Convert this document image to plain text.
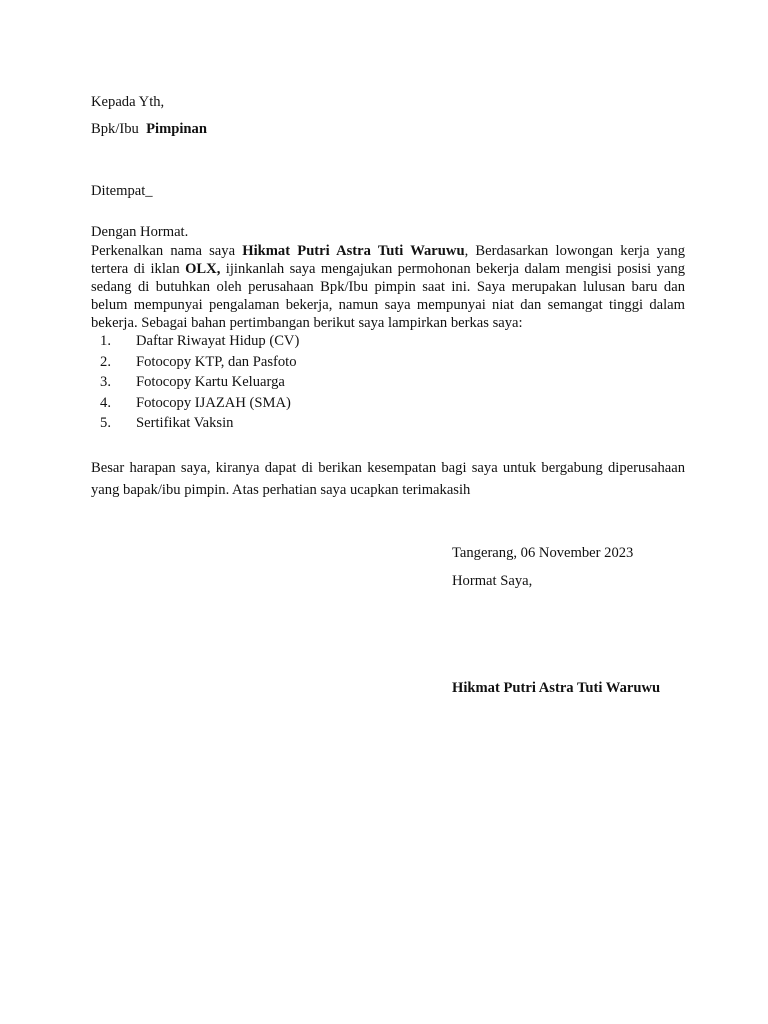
Kepada Yth,
Bpk/Ibu Pimpinan
Ditempat_
Dengan Hormat.
Perkenalkan nama saya Hikmat Putri Astra Tuti Waruwu, Berdasarkan lowongan kerja yang tertera di iklan OLX, ijinkanlah saya mengajukan permohonan bekerja dalam mengisi posisi yang sedang di butuhkan oleh perusahaan Bpk/Ibu pimpin saat ini. Saya merupakan lulusan baru dan belum mempunyai pengalaman bekerja, namun saya mempunyai niat dan semangat tinggi dalam bekerja. Sebagai bahan pertimbangan berikut saya lampirkan berkas saya:
1. Daftar Riwayat Hidup (CV)
2. Fotocopy KTP, dan Pasfoto
3. Fotocopy Kartu Keluarga
4. Fotocopy IJAZAH (SMA)
5. Sertifikat Vaksin
Besar harapan saya, kiranya dapat di berikan kesempatan bagi saya untuk bergabung diperusahaan yang bapak/ibu pimpin. Atas perhatian saya ucapkan terimakasih
Tangerang, 06 November 2023
Hormat Saya,
Hikmat Putri Astra Tuti Waruwu
